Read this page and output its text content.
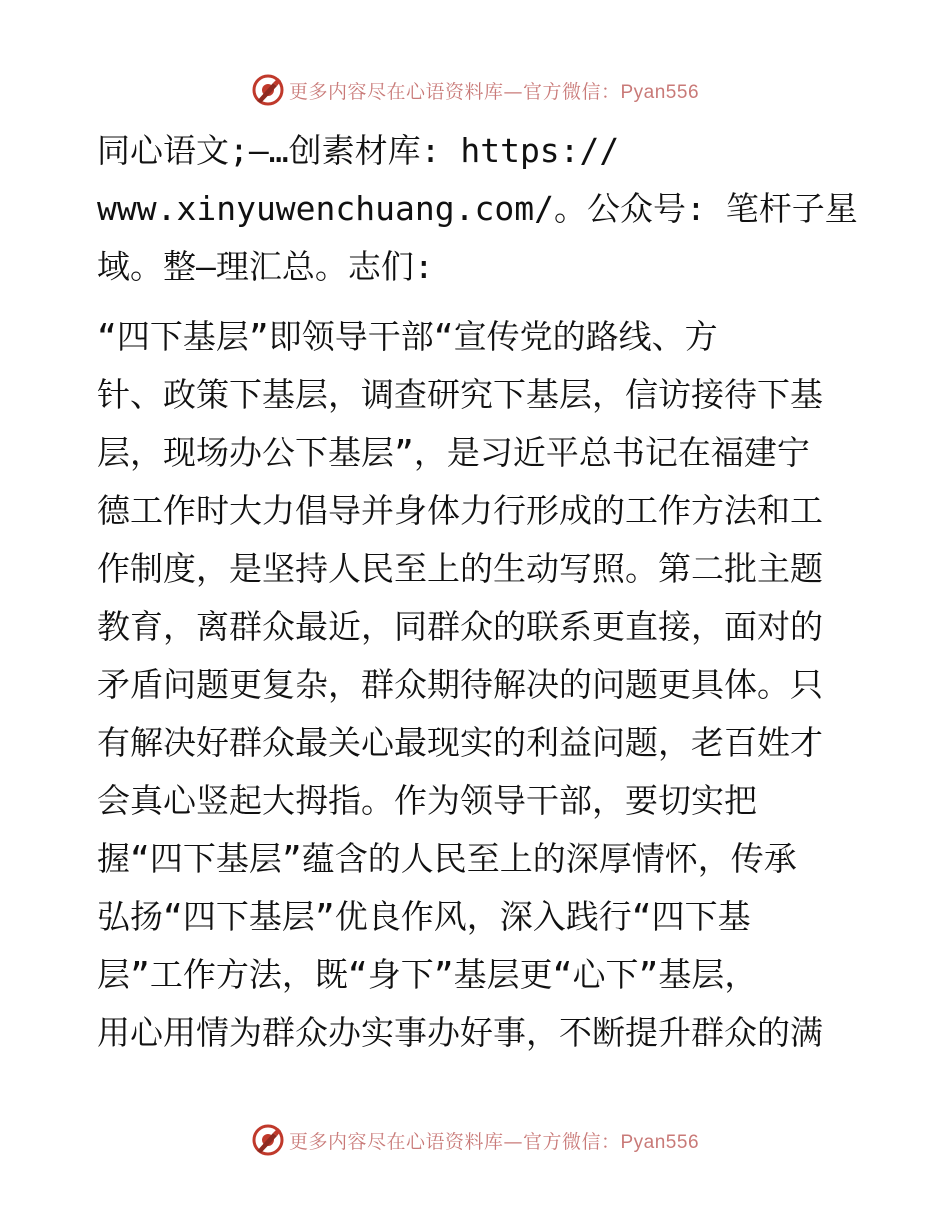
更多内容尽在心语资料库—官方微信：Pyan556
同心语文;—…创素材库: https://
www.xinyuwenchuang.com/。公众号: 笔杆子星
域。整—理汇总。志们:
“四下基层”即领导干部“宣传党的路线、方
针、政策下基层，调查研究下基层，信访接待下基
层，现场办公下基层”，是习近平总书记在福建宁
德工作时大力倡导并身体力行形成的工作方法和工
作制度，是坚持人民至上的生动写照。第二批主题
教育，离群众最近，同群众的联系更直接，面对的
矛盾问题更复杂，群众期待解决的问题更具体。只
有解决好群众最关心最现实的利益问题，老百姓才
会真心竖起大拇指。作为领导干部，要切实把
握“四下基层”蕴含的人民至上的深厚情怀，传承
弘扬“四下基层”优良作风，深入践行“四下基
层”工作方法，既“身下”基层更“心下”基层，
用心用情为群众办实事办好事，不断提升群众的满
更多内容尽在心语资料库—官方微信：Pyan556
